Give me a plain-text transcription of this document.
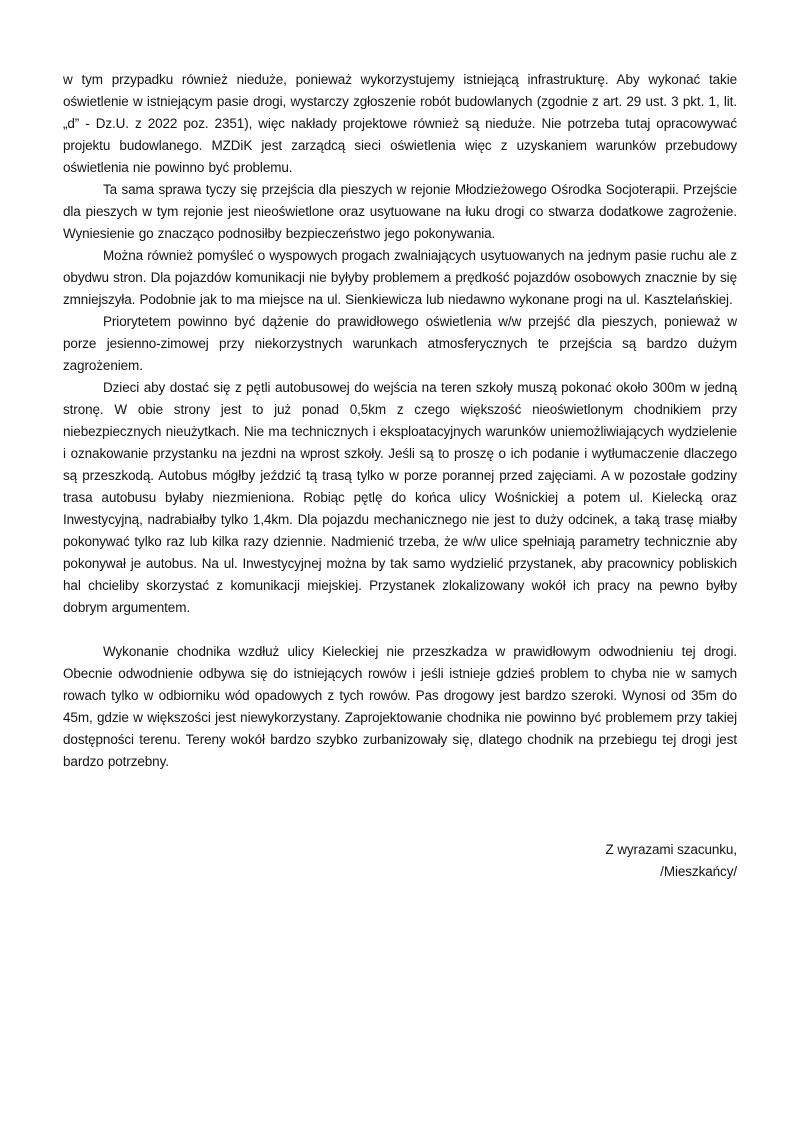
w tym przypadku również nieduże, ponieważ wykorzystujemy istniejącą infrastrukturę. Aby wykonać takie oświetlenie w istniejącym pasie drogi, wystarczy zgłoszenie robót budowlanych (zgodnie z art. 29 ust. 3 pkt. 1, lit. „d” - Dz.U. z 2022 poz. 2351), więc nakłady projektowe również są nieduże. Nie potrzeba tutaj opracowywać projektu budowlanego. MZDiK jest zarządcą sieci oświetlenia więc z uzyskaniem warunków przebudowy oświetlenia nie powinno być problemu.

Ta sama sprawa tyczy się przejścia dla pieszych w rejonie Młodzieżowego Ośrodka Socjoterapii. Przejście dla pieszych w tym rejonie jest nieoświetlone oraz usytuowane na łuku drogi co stwarza dodatkowe zagrożenie. Wyniesienie go znacząco podnosiłby bezpieczeństwo jego pokonywania.

Można również pomyśleć o wyspowych progach zwalniających usytuowanych na jednym pasie ruchu ale z obydwu stron. Dla pojazdów komunikacji nie byłyby problemem a prędkość pojazdów osobowych znacznie by się zmniejszyła. Podobnie jak to ma miejsce na ul. Sienkiewicza lub niedawno wykonane progi na ul. Kasztelańskiej.

Priorytetem powinno być dążenie do prawidłowego oświetlenia w/w przejść dla pieszych, ponieważ w porze jesienno-zimowej przy niekorzystnych warunkach atmosferycznych te przejścia są bardzo dużym zagrożeniem.

Dzieci aby dostać się z pętli autobusowej do wejścia na teren szkoły muszą pokonać około 300m w jedną stronę. W obie strony jest to już ponad 0,5km z czego większość nieoświetlonym chodnikiem przy niebezpiecznych nieużytkach. Nie ma technicznych i eksploatacyjnych warunków uniemożliwiających wydzielenie i oznakowanie przystanku na jezdni na wprost szkoły. Jeśli są to proszę o ich podanie i wytłumaczenie dlaczego są przeszkodą. Autobus mógłby jeździć tą trasą tylko w porze porannej przed zajęciami. A w pozostałe godziny trasa autobusu byłaby niezmieniona. Robiąc pętlę do końca ulicy Wośnickiej a potem ul. Kielecką oraz Inwestycyjną, nadrabiałby tylko 1,4km. Dla pojazdu mechanicznego nie jest to duży odcinek, a taką trasę miałby pokonywać tylko raz lub kilka razy dziennie. Nadmienić trzeba, że w/w ulice spełniają parametry technicznie aby pokonywał je autobus. Na ul. Inwestycyjnej można by tak samo wydzielić przystanek, aby pracownicy pobliskich hal chcieliby skorzystać z komunikacji miejskiej. Przystanek zlokalizowany wokół ich pracy na pewno byłby dobrym argumentem.

Wykonanie chodnika wzdłuż ulicy Kieleckiej nie przeszkadza w prawidłowym odwodnieniu tej drogi. Obecnie odwodnienie odbywa się do istniejących rowów i jeśli istnieje gdzieś problem to chyba nie w samych rowach tylko w odbiorniku wód opadowych z tych rowów. Pas drogowy jest bardzo szeroki. Wynosi od 35m do 45m, gdzie w większości jest niewykorzystany. Zaprojektowanie chodnika nie powinno być problemem przy takiej dostępności terenu. Tereny wokół bardzo szybko zurbanizowały się, dlatego chodnik na przebiegu tej drogi jest bardzo potrzebny.

Z wyrazami szacunku,

/Mieszkańcy/
